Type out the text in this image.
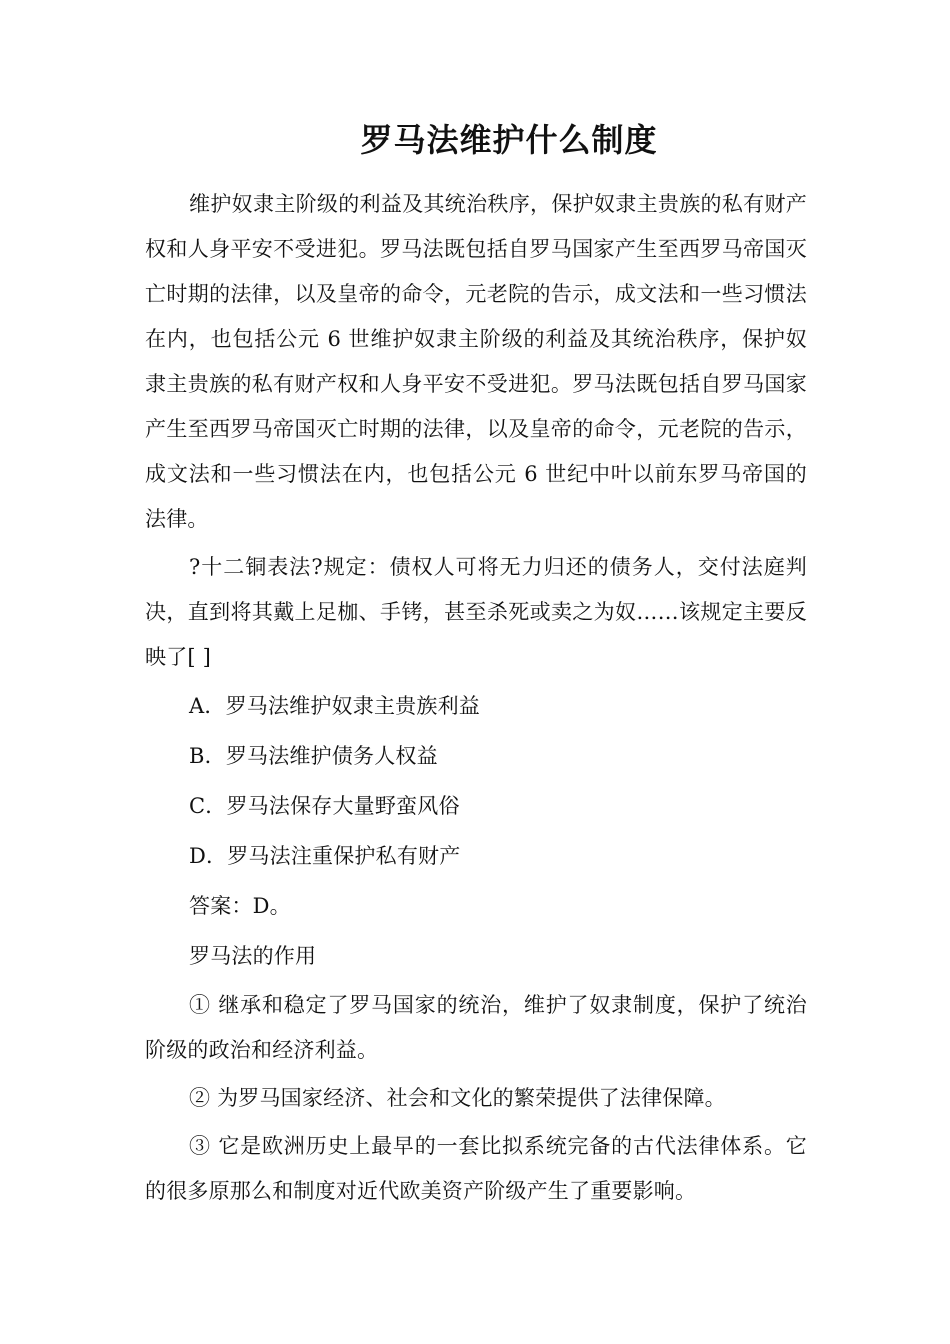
罗马法维护什么制度

维护奴隶主阶级的利益及其统治秩序，保护奴隶主贵族的私有财产权和人身平安不受进犯。罗马法既包括自罗马国家产生至西罗马帝国灭亡时期的法律，以及皇帝的命令，元老院的告示，成文法和一些习惯法在内，也包括公元 6 世维护奴隶主阶级的利益及其统治秩序，保护奴隶主贵族的私有财产权和人身平安不受进犯。罗马法既包括自罗马国家产生至西罗马帝国灭亡时期的法律，以及皇帝的命令，元老院的告示，成文法和一些习惯法在内，也包括公元 6 世纪中叶以前东罗马帝国的法律。

?十二铜表法?规定：债权人可将无力归还的债务人，交付法庭判决，直到将其戴上足枷、手铐，甚至杀死或卖之为奴……该规定主要反映了[ ]

A．罗马法维护奴隶主贵族利益

B．罗马法维护债务人权益

C．罗马法保存大量野蛮风俗

D．罗马法注重保护私有财产

答案：D。

罗马法的作用

① 继承和稳定了罗马国家的统治，维护了奴隶制度，保护了统治阶级的政治和经济利益。

② 为罗马国家经济、社会和文化的繁荣提供了法律保障。

③ 它是欧洲历史上最早的一套比拟系统完备的古代法律体系。它的很多原那么和制度对近代欧美资产阶级产生了重要影响。
